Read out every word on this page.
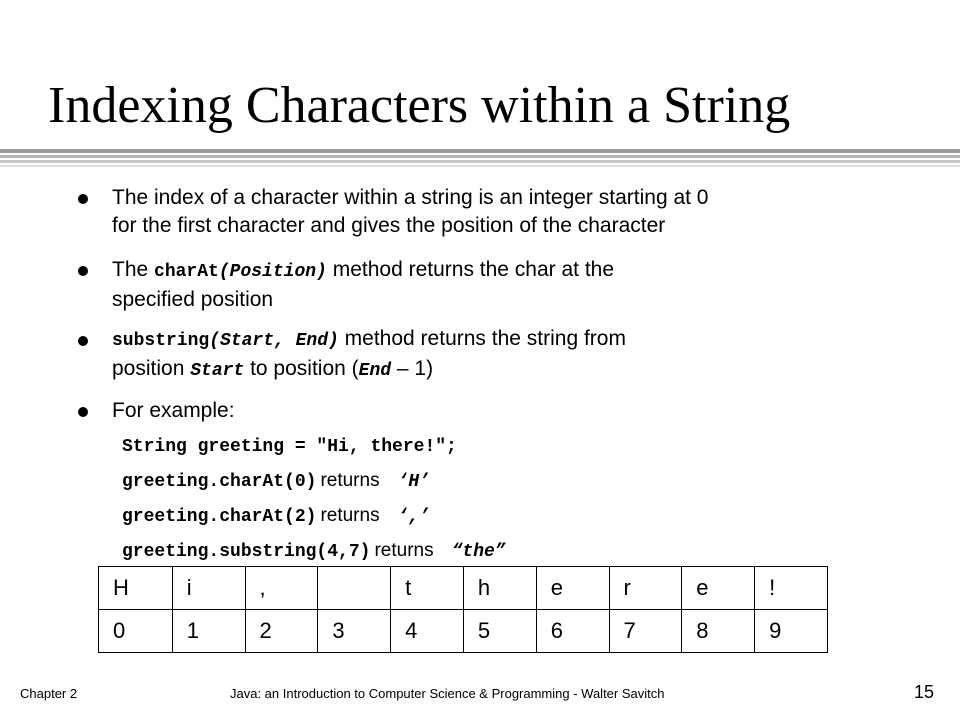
Indexing Characters within a String
The index of a character within a string is an integer starting at 0
for the first character and gives the position of the character
The charAt(Position) method returns the char at the
specified position
substring(Start, End) method returns the string from
position Start to position (End – 1)
For example:
String greeting = "Hi, there!";
greeting.charAt(0) returns ‘H’
greeting.charAt(2) returns ‘,’
greeting.substring(4,7) returns “the”
H	i	,		t	h	e	r	e	!
0	1	2	3	4	5	6	7	8	9
Chapter 2	Java: an Introduction to Computer Science & Programming - Walter Savitch	15
